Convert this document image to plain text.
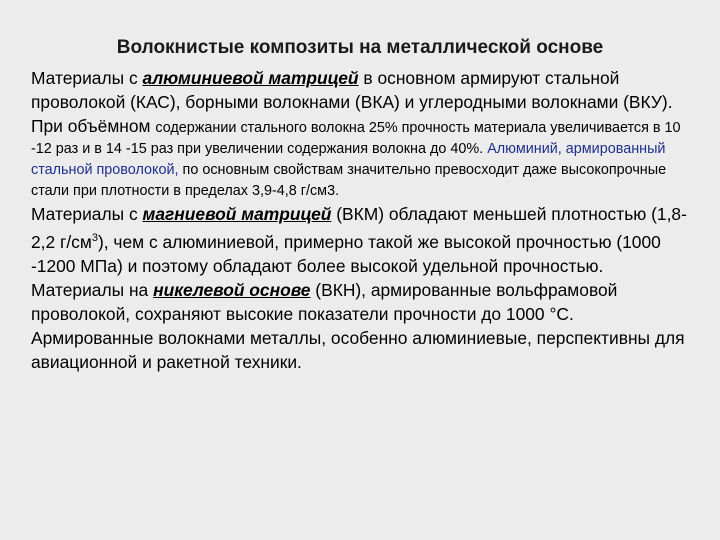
Волокнистые композиты на металлической основе

Материалы с алюминиевой матрицей в основном армируют стальной проволокой (КАС), борными волокнами (ВКА) и углеродными волокнами (ВКУ). При объёмном содержании стального волокна 25% прочность материала увеличивается в 10 -12 раз и в 14 -15 раз при увеличении содержания волокна до 40%. Алюминий, армированный стальной проволокой, по основным свойствам значительно превосходит даже высокопрочные стали при плотности в пределах 3,9-4,8 г/см3.

Материалы с магниевой матрицей (ВКМ) обладают меньшей плотностью (1,8-2,2 $г/см^3$), чем с алюминиевой, примерно такой же высокой прочностью (1000 -1200 МПа) и поэтому обладают более высокой удельной прочностью.

Материалы на никелевой основе (ВКН), армированные вольфрамовой проволокой, сохраняют высокие показатели прочности до 1000 °С.

Армированные волокнами металлы, особенно алюминиевые, перспективны для авиационной и ракетной техники.
